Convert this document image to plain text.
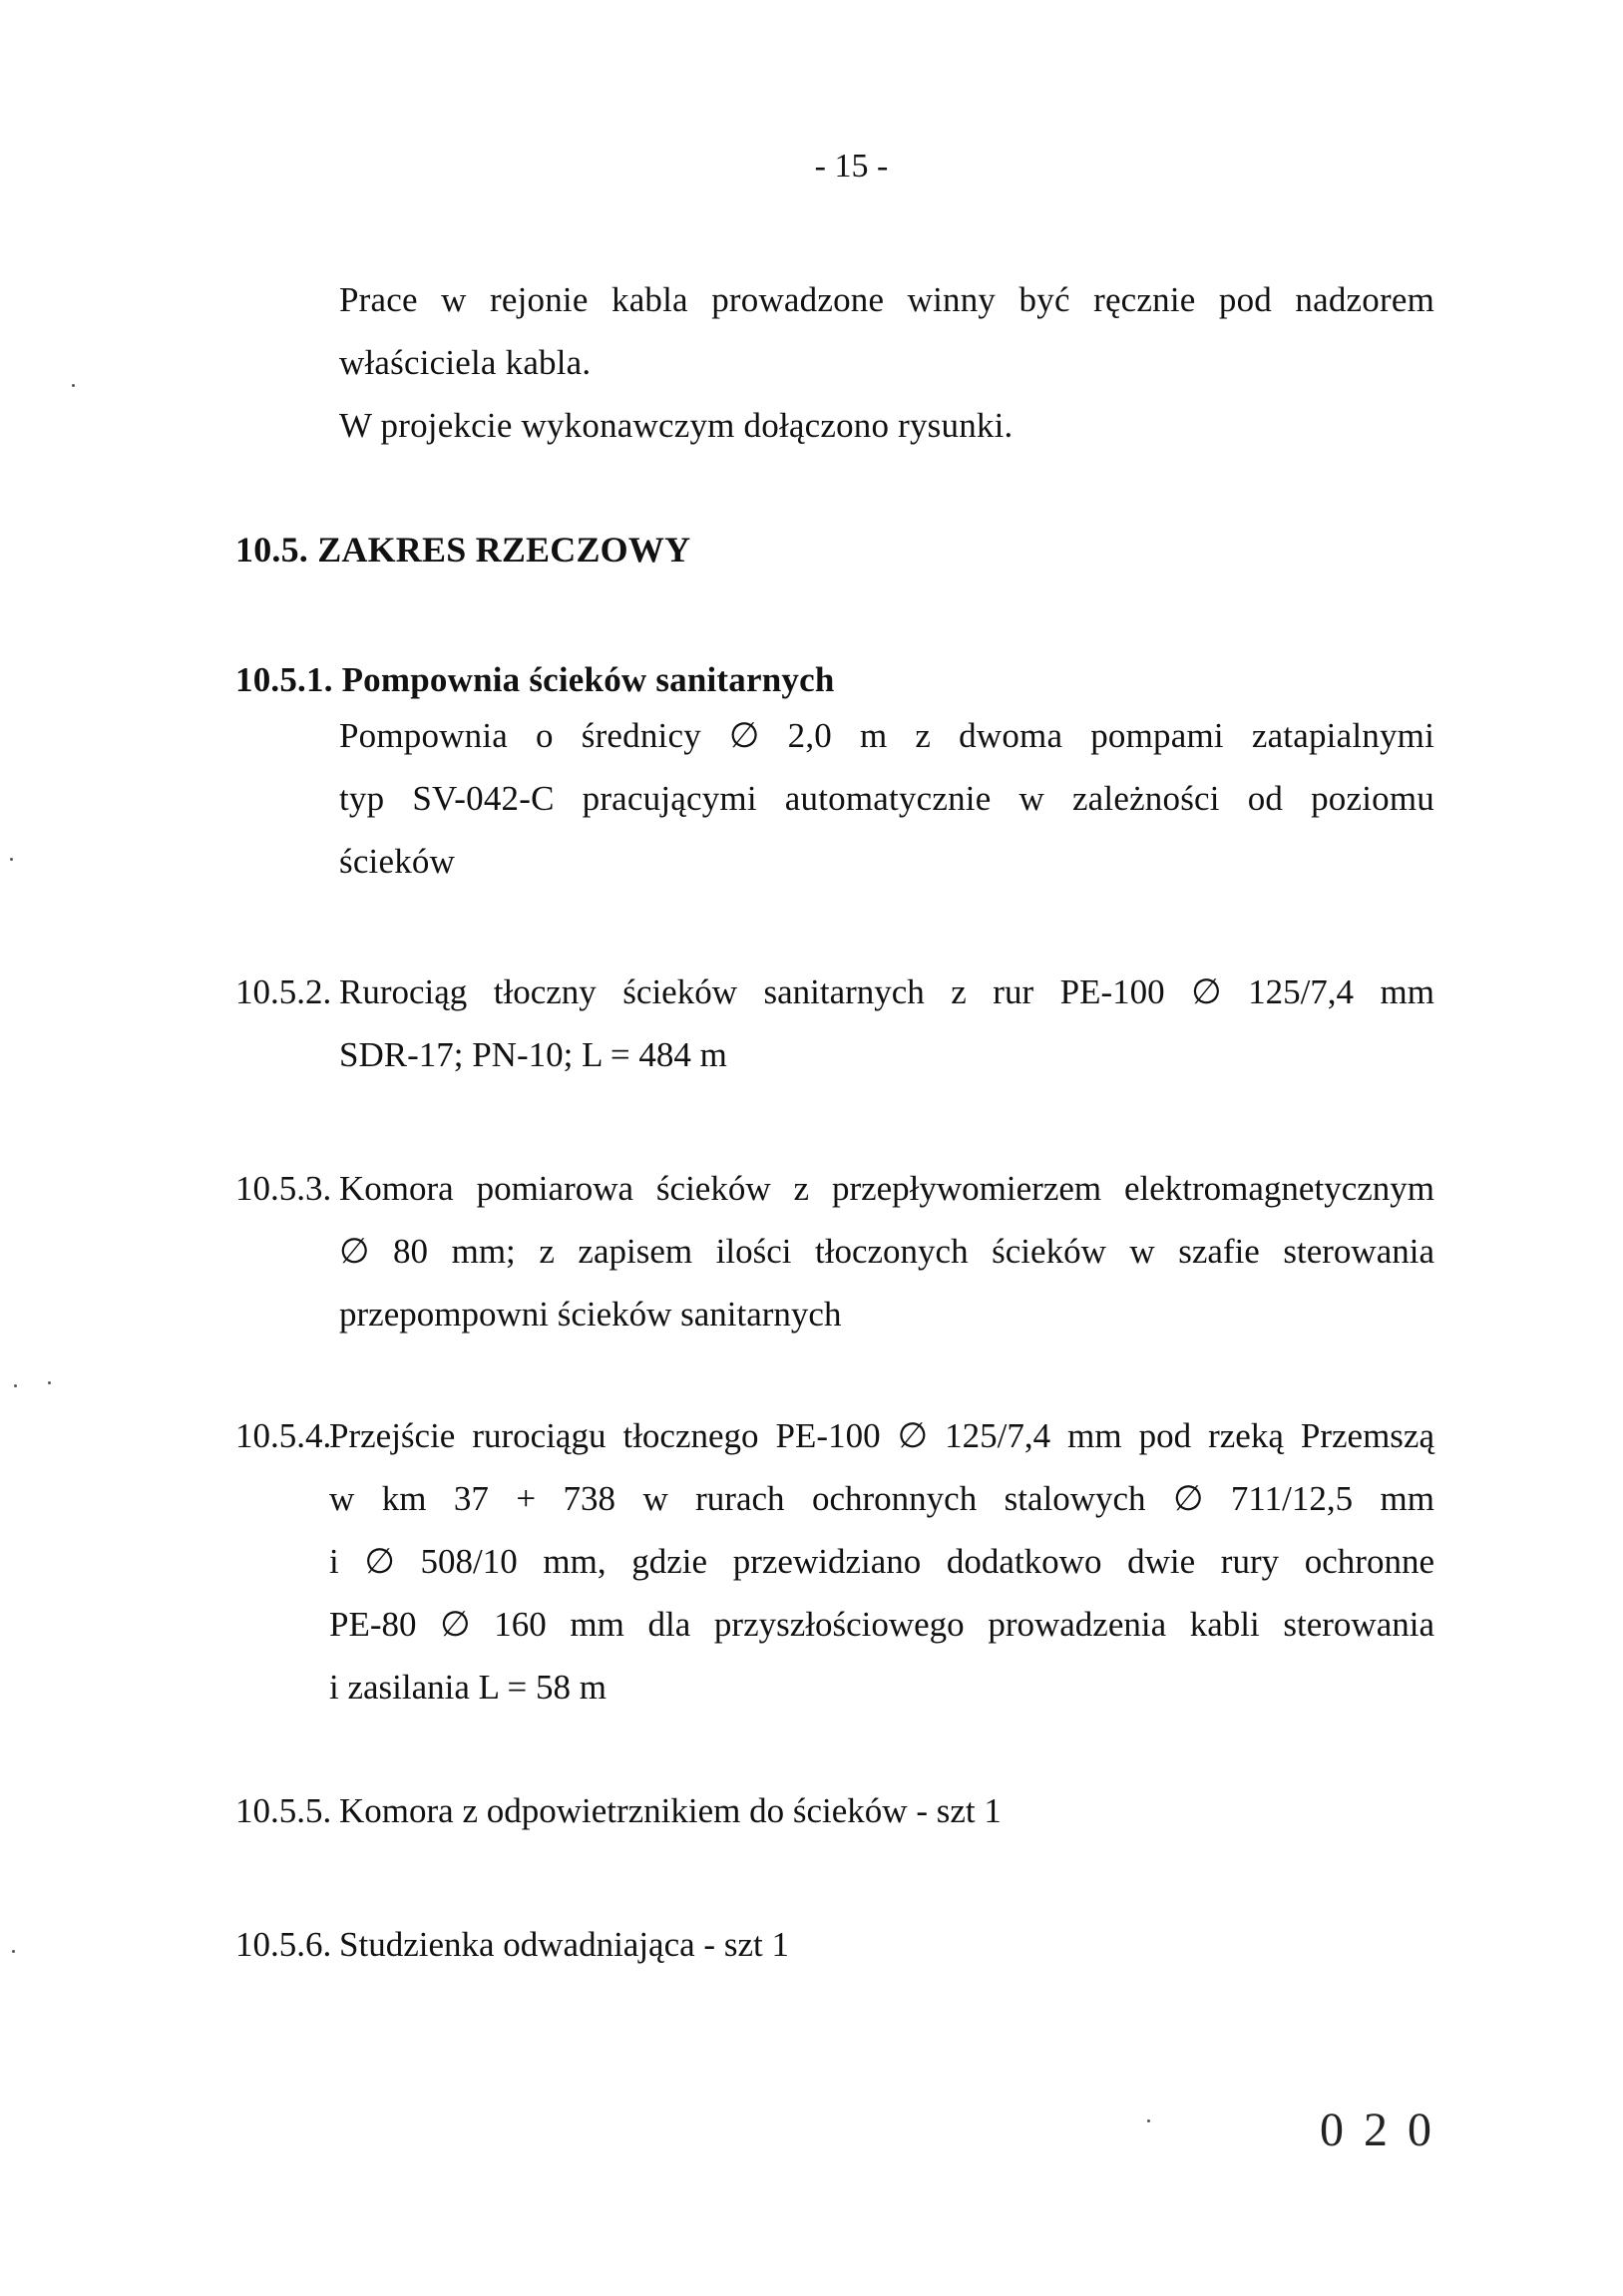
- 15 -
Prace w rejonie kabla prowadzone winny być ręcznie pod nadzorem
właściciela kabla.
W projekcie wykonawczym dołączono rysunki.
10.5. ZAKRES RZECZOWY
10.5.1. Pompownia ścieków sanitarnych
Pompownia o średnicy ∅ 2,0 m z dwoma pompami zatapialnymi
typ SV-042-C pracującymi automatycznie w zależności od poziomu
ścieków
10.5.2. Rurociąg tłoczny ścieków sanitarnych z rur PE-100 ∅ 125/7,4 mm
SDR-17; PN-10; L = 484 m
10.5.3. Komora pomiarowa ścieków z przepływomierzem elektromagnetycznym
∅ 80 mm; z zapisem ilości tłoczonych ścieków w szafie sterowania
przepompowni ścieków sanitarnych
10.5.4.
Przejście rurociągu tłocznego PE-100 ∅ 125/7,4 mm pod rzeką Przemszą
w km 37 + 738 w rurach ochronnych stalowych ∅ 711/12,5 mm
i ∅ 508/10 mm, gdzie przewidziano dodatkowo dwie rury ochronne
PE-80 ∅ 160 mm dla przyszłościowego prowadzenia kabli sterowania
i zasilania L = 58 m
10.5.5. Komora z odpowietrznikiem do ścieków - szt 1
10.5.6. Studzienka odwadniająca - szt 1
0 2 0
